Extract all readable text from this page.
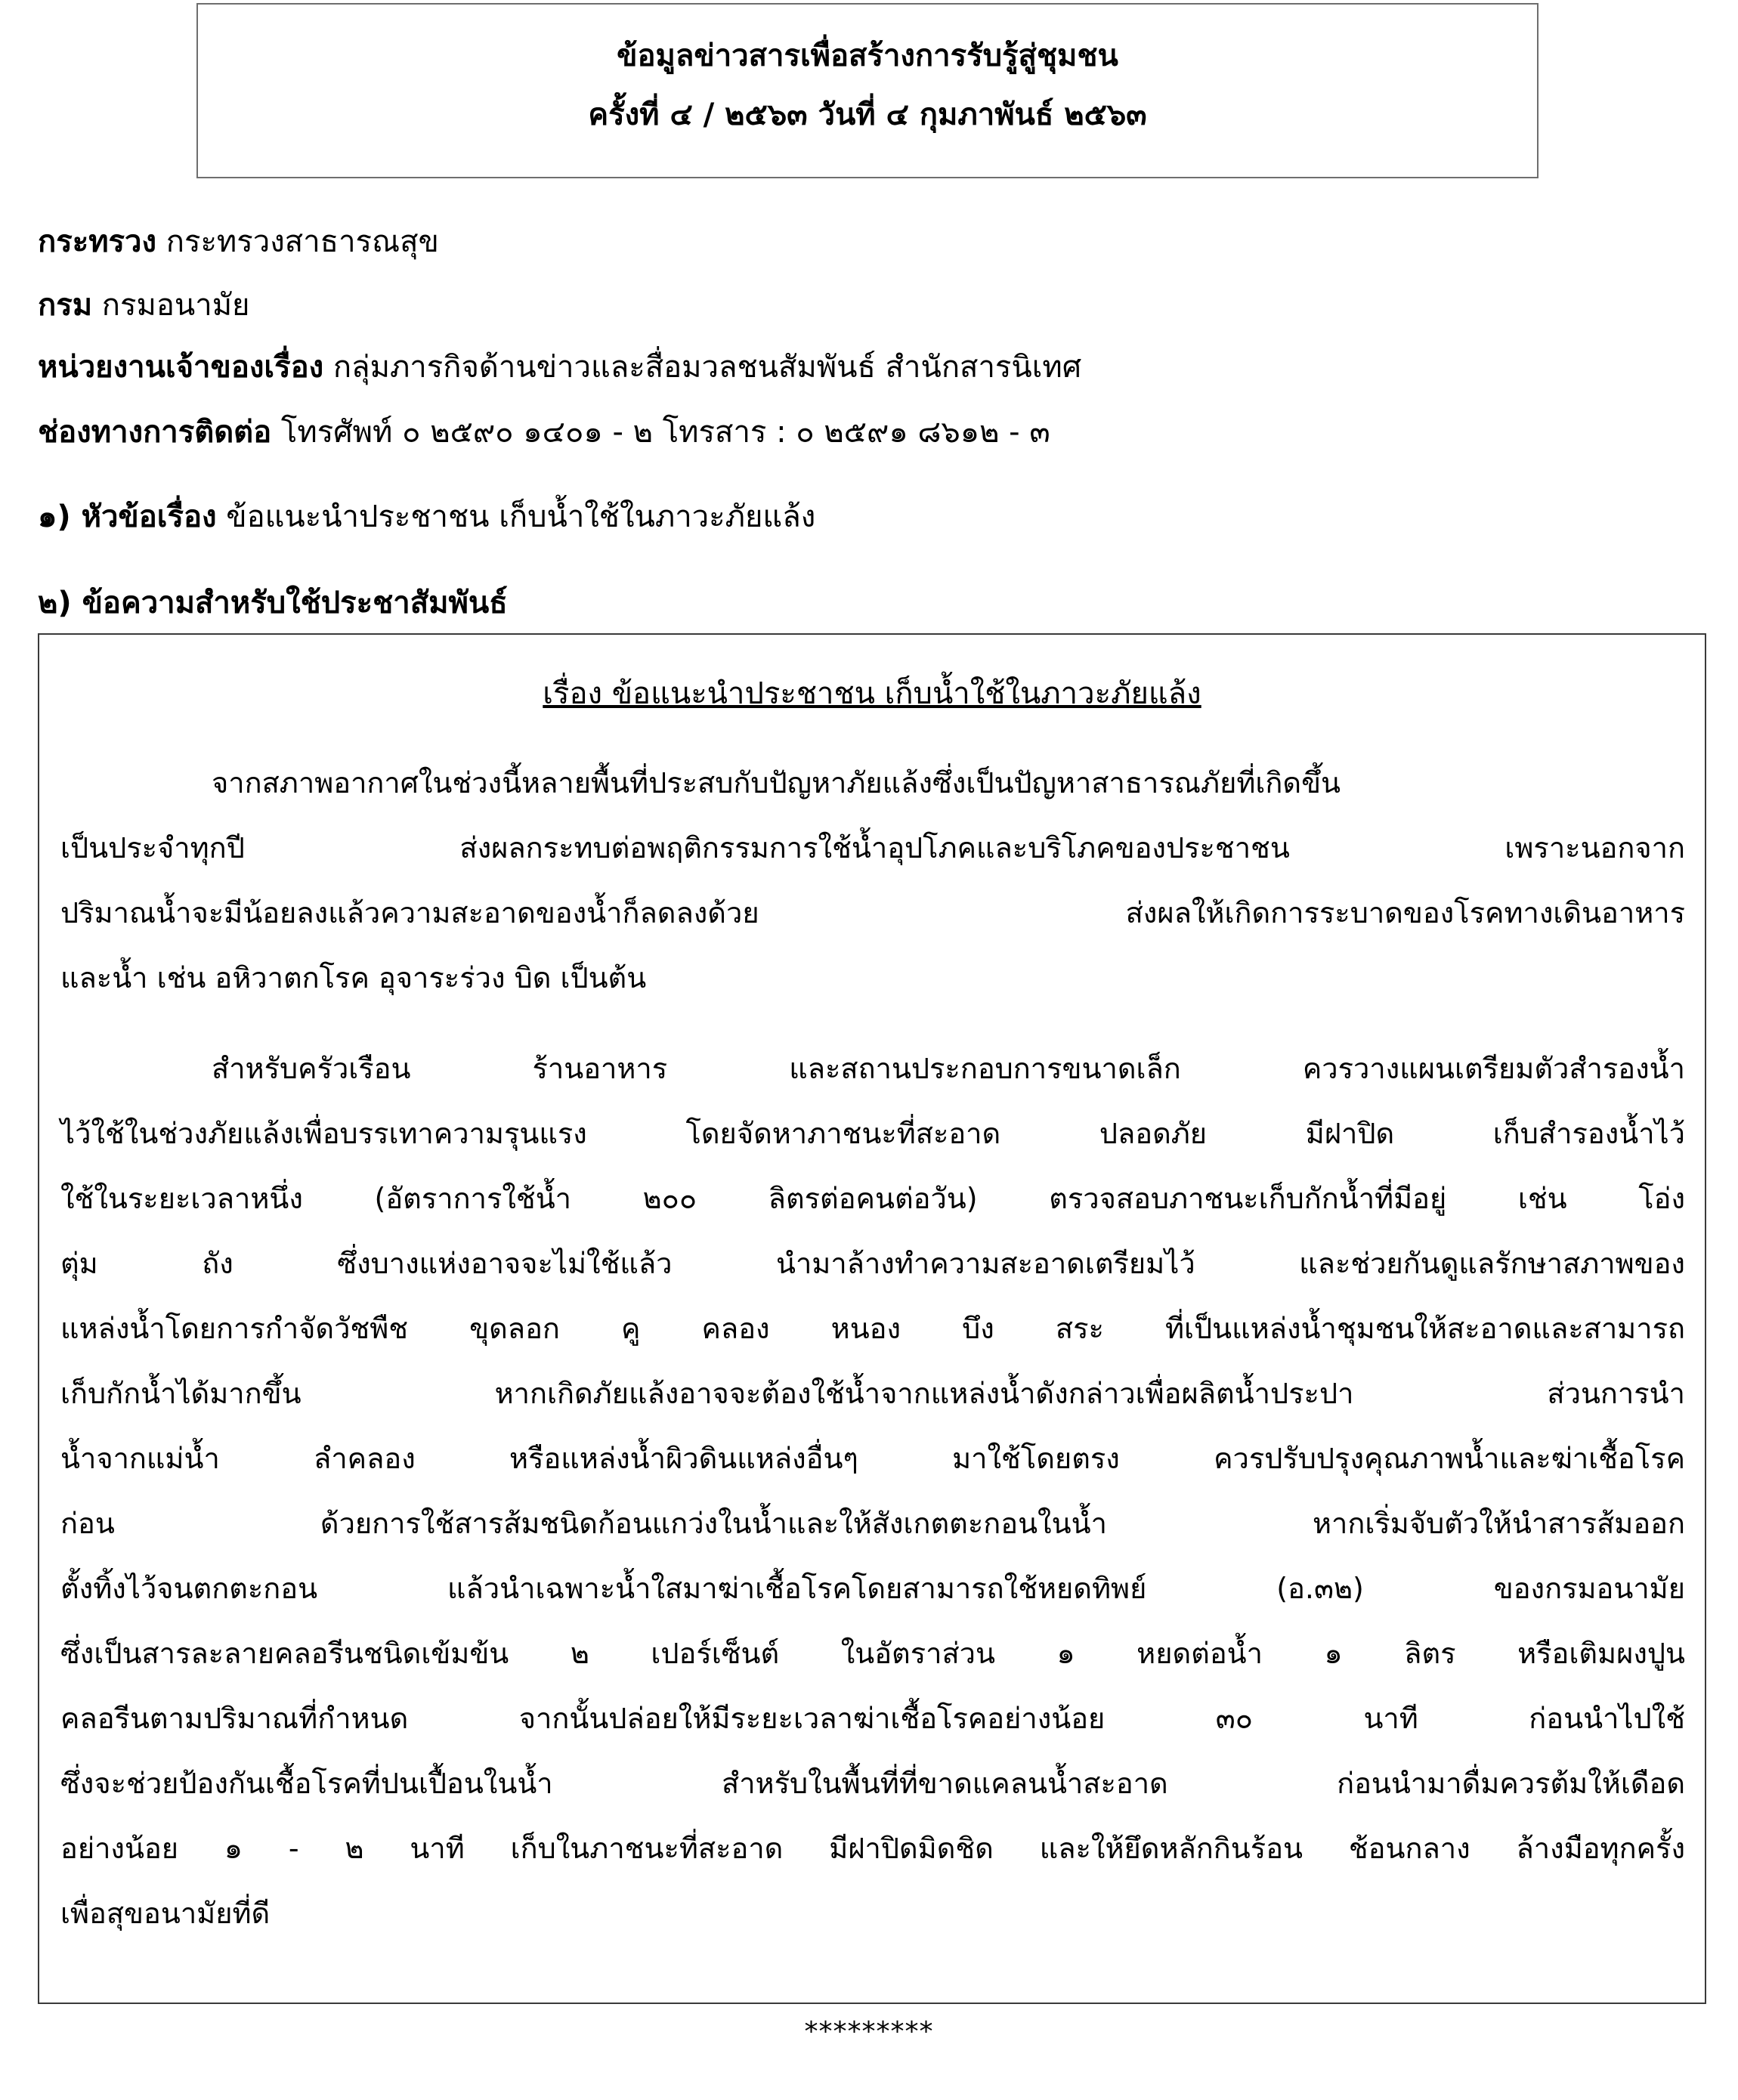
ข้อมูลข่าวสารเพื่อสร้างการรับรู้สู่ชุมชน
ครั้งที่ ๔ / ๒๕๖๓ วันที่ ๔ กุมภาพันธ์ ๒๕๖๓
กระทรวง กระทรวงสาธารณสุข
กรม กรมอนามัย
หน่วยงานเจ้าของเรื่อง กลุ่มภารกิจด้านข่าวและสื่อมวลชนสัมพันธ์ สำนักสารนิเทศ
ช่องทางการติดต่อ โทรศัพท์ ๐ ๒๕๙๐ ๑๔๐๑ - ๒ โทรสาร : ๐ ๒๕๙๑ ๘๖๑๒ - ๓
๑) หัวข้อเรื่อง ข้อแนะนำประชาชน เก็บน้ำใช้ในภาวะภัยแล้ง
๒) ข้อความสำหรับใช้ประชาสัมพันธ์
เรื่อง ข้อแนะนำประชาชน เก็บน้ำใช้ในภาวะภัยแล้ง
จากสภาพอากาศในช่วงนี้หลายพื้นที่ประสบกับปัญหาภัยแล้งซึ่งเป็นปัญหาสาธารณภัยที่เกิดขึ้น
เป็นประจำทุกปี ส่งผลกระทบต่อพฤติกรรมการใช้น้ำอุปโภคและบริโภคของประชาชน เพราะนอกจาก
ปริมาณน้ำจะมีน้อยลงแล้วความสะอาดของน้ำก็ลดลงด้วย ส่งผลให้เกิดการระบาดของโรคทางเดินอาหาร
และน้ำ เช่น อหิวาตกโรค อุจาระร่วง บิด เป็นต้น
สำหรับครัวเรือน ร้านอาหาร และสถานประกอบการขนาดเล็ก ควรวางแผนเตรียมตัวสำรองน้ำ
ไว้ใช้ในช่วงภัยแล้งเพื่อบรรเทาความรุนแรง โดยจัดหาภาชนะที่สะอาด ปลอดภัย มีฝาปิด เก็บสำรองน้ำไว้
ใช้ในระยะเวลาหนึ่ง (อัตราการใช้น้ำ ๒๐๐ ลิตรต่อคนต่อวัน) ตรวจสอบภาชนะเก็บกักน้ำที่มีอยู่ เช่น โอ่ง
ตุ่ม ถัง ซึ่งบางแห่งอาจจะไม่ใช้แล้ว นำมาล้างทำความสะอาดเตรียมไว้ และช่วยกันดูแลรักษาสภาพของ
แหล่งน้ำโดยการกำจัดวัชพืช ขุดลอก คู คลอง หนอง บึง สระ ที่เป็นแหล่งน้ำชุมชนให้สะอาดและสามารถ
เก็บกักน้ำได้มากขึ้น หากเกิดภัยแล้งอาจจะต้องใช้น้ำจากแหล่งน้ำดังกล่าวเพื่อผลิตน้ำประปา ส่วนการนำ
น้ำจากแม่น้ำ ลำคลอง หรือแหล่งน้ำผิวดินแหล่งอื่นๆ มาใช้โดยตรง ควรปรับปรุงคุณภาพน้ำและฆ่าเชื้อโรค
ก่อน ด้วยการใช้สารส้มชนิดก้อนแกว่งในน้ำและให้สังเกตตะกอนในน้ำ หากเริ่มจับตัวให้นำสารส้มออก
ตั้งทิ้งไว้จนตกตะกอน แล้วนำเฉพาะน้ำใสมาฆ่าเชื้อโรคโดยสามารถใช้หยดทิพย์ (อ.๓๒) ของกรมอนามัย
ซึ่งเป็นสารละลายคลอรีนชนิดเข้มข้น ๒ เปอร์เซ็นต์ ในอัตราส่วน ๑ หยดต่อน้ำ ๑ ลิตร หรือเติมผงปูน
คลอรีนตามปริมาณที่กำหนด จากนั้นปล่อยให้มีระยะเวลาฆ่าเชื้อโรคอย่างน้อย ๓๐ นาที ก่อนนำไปใช้
ซึ่งจะช่วยป้องกันเชื้อโรคที่ปนเปื้อนในน้ำ สำหรับในพื้นที่ที่ขาดแคลนน้ำสะอาด ก่อนนำมาดื่มควรต้มให้เดือด
อย่างน้อย ๑ - ๒ นาที เก็บในภาชนะที่สะอาด มีฝาปิดมิดชิด และให้ยึดหลักกินร้อน ช้อนกลาง ล้างมือทุกครั้ง
เพื่อสุขอนามัยที่ดี
*********
